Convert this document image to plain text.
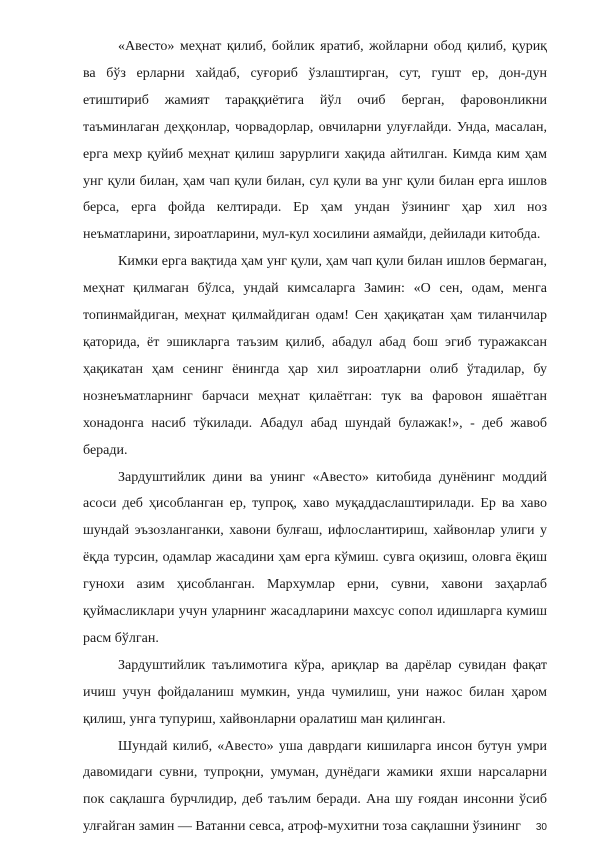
«Авесто» меҳнат қилиб, бойлик яратиб, жойларни обод қилиб, қуриқ ва бўз ерларни хайдаб, суғориб ўзлаштирган, сут, гушт ер, дон-дун етиштириб жамият тараққиётига йўл очиб берган, фаровонликни таъминлаган деҳқонлар, чорвадорлар, овчиларни улуғлайди. Унда, масалан, ерга мехр қуйиб меҳнат қилиш зарурлиги хақида айтилган. Кимда ким ҳам унг қули билан, ҳам чап қули билан, сул қули ва унг қули билан ерга ишлов берса, ерга фойда келтиради. Ер ҳам ундан ўзининг ҳар хил ноз неъматларини, зироатларини, мул-кул хосилини аямайди, дейилади китобда.

Кимки ерга вақтида ҳам унг қули, ҳам чап қули билан ишлов бермаган, меҳнат қилмаган бўлса, ундай кимсаларга Замин: «О сен, одам, менга топинмайдиган, меҳнат қилмайдиган одам! Сен ҳақиқатан ҳам тиланчилар қаторида, ёт эшикларга таъзим қилиб, абадул абад бош эгиб туражаксан ҳақикатан ҳам сенинг ёнингда ҳар хил зироатларни олиб ўтадилар, бу нознеъматларнинг барчаси меҳнат қилаётган: тук ва фаровон яшаётган хонадонга насиб тўкилади. Абадул абад шундай булажак!», - деб жавоб беради.

Зардуштийлик дини ва унинг «Авесто» китобида дунёнинг моддий асоси деб ҳисобланган ер, тупроқ, хаво муқаддаслаштирилади. Ер ва хаво шундай эъзозланганки, хавони булғаш, ифлослантириш, хайвонлар улиги у ёқда турсин, одамлар жасадини ҳам ерга кўмиш. сувга оқизиш, оловга ёқиш гунохи азим ҳисобланган. Мархумлар ерни, сувни, хавони заҳарлаб қуймасликлари учун уларнинг жасадларини махсус сопол идишларга кумиш расм бўлган.

Зардуштийлик таълимотига кўра, ариқлар ва дарёлар сувидан фақат ичиш учун фойдаланиш мумкин, унда чумилиш, уни нажос билан ҳаром қилиш, унга тупуриш, хайвонларни оралатиш ман қилинган.

Шундай килиб, «Авесто» уша даврдаги кишиларга инсон бутун умри давомидаги сувни, тупроқни, умуман, дунёдаги жамики яхши нарсаларни пок сақлашга бурчлидир, деб таълим беради. Ана шу ғоядан инсонни ўсиб улғайган замин — Ватанни севса, атроф-мухитни тоза сақлашни ўзининг	30
